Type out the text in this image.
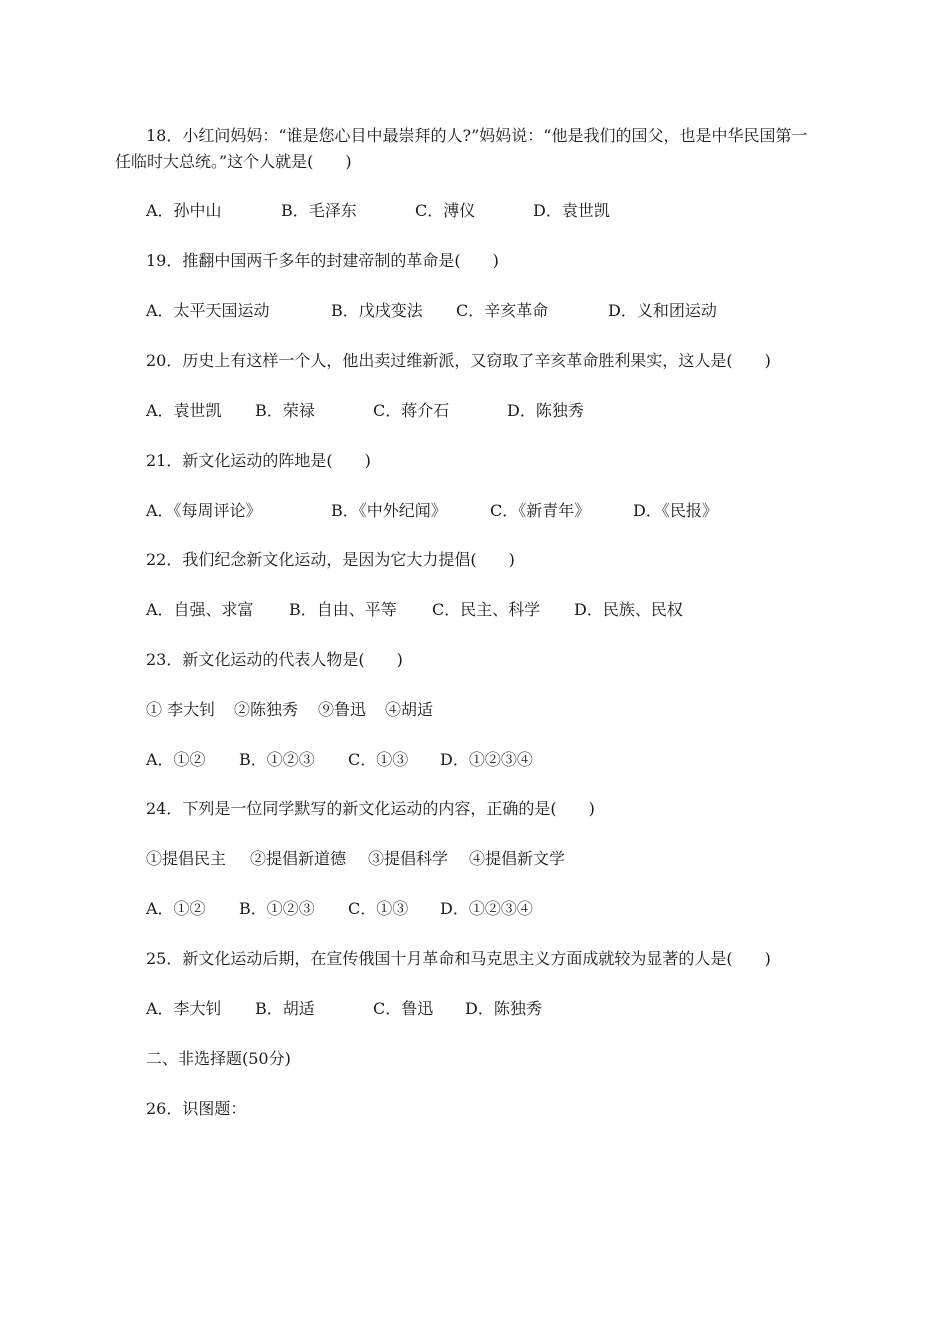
18．小红问妈妈：“谁是您心目中最崇拜的人?”妈妈说：“他是我们的国父，也是中华民国第一
任临时大总统。”这个人就是(　　)
A．孙中山	B．毛泽东	C．溥仪	D．袁世凯
19．推翻中国两千多年的封建帝制的革命是(　　)
A．太平天国运动	B．戊戌变法 C．辛亥革命	D．义和团运动
20．历史上有这样一个人，他出卖过维新派，又窃取了辛亥革命胜利果实，这人是(　　)
A．袁世凯 B．荣禄	C．蒋介石	D．陈独秀
21．新文化运动的阵地是(　　)
A．《每周评论》	B．《中外纪闻》	C．《新青年》	D．《民报》
22．我们纪念新文化运动，是因为它大力提倡(　　)
A．自强、求富 B．自由、平等 C．民主、科学 D．民族、民权
23．新文化运动的代表人物是(　　)
① 李大钊 ②陈独秀 ⑨鲁迅 ④胡适
A．①② B．①②③ C．①③ D．①②③④
24．下列是一位同学默写的新文化运动的内容，正确的是(　　)
①提倡民主 ②提倡新道德 ③提倡科学 ④提倡新文学
A．①② B．①②③ C．①③ D．①②③④
25．新文化运动后期，在宣传俄国十月革命和马克思主义方面成就较为显著的人是(　　)
A．李大钊 B．胡适	C．鲁迅 D．陈独秀
二、非选择题(50分)
26．识图题：
